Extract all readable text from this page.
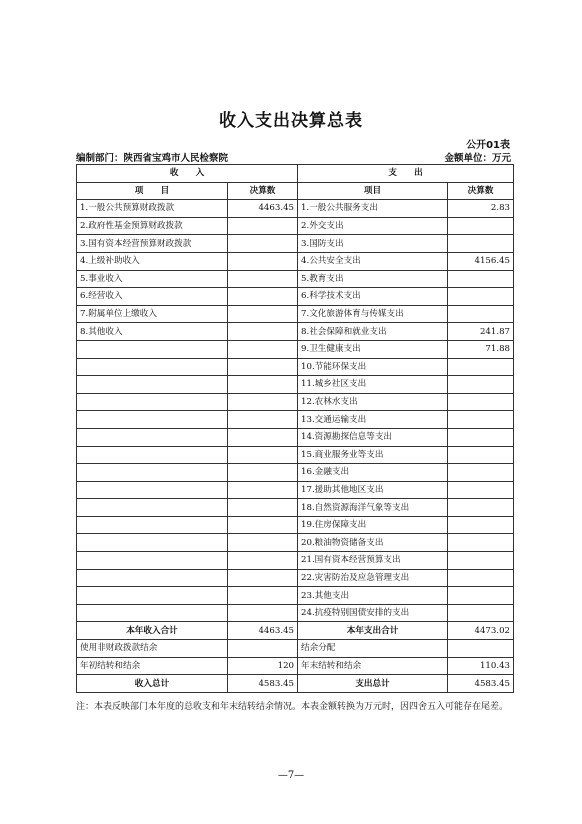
收入支出决算总表
公开01表
编制部门：陕西省宝鸡市人民检察院	金额单位：万元
收　　入		支　　出	
项　　目	决算数	项目	决算数
1.一般公共预算财政拨款	4463.45	1.一般公共服务支出	2.83
2.政府性基金预算财政拨款		2.外交支出	
3.国有资本经营预算财政拨款		3.国防支出	
4.上级补助收入		4.公共安全支出	4156.45
5.事业收入		5.教育支出	
6.经营收入		6.科学技术支出	
7.附属单位上缴收入		7.文化旅游体育与传媒支出	
8.其他收入		8.社会保障和就业支出	241.87
		9.卫生健康支出	71.88
		10.节能环保支出	
		11.城乡社区支出	
		12.农林水支出	
		13.交通运输支出	
		14.资源勘探信息等支出	
		15.商业服务业等支出	
		16.金融支出	
		17.援助其他地区支出	
		18.自然资源海洋气象等支出	
		19.住房保障支出	
		20.粮油物资储备支出	
		21.国有资本经营预算支出	
		22.灾害防治及应急管理支出	
		23.其他支出	
		24.抗疫特别国债安排的支出	
本年收入合计	4463.45	本年支出合计	4473.02
使用非财政拨款结余		结余分配	
年初结转和结余	120	年末结转和结余	110.43
收入总计	4583.45	支出总计	4583.45
注：本表反映部门本年度的总收支和年末结转结余情况。本表金额转换为万元时，因四舍五入可能存在尾差。
—7—
